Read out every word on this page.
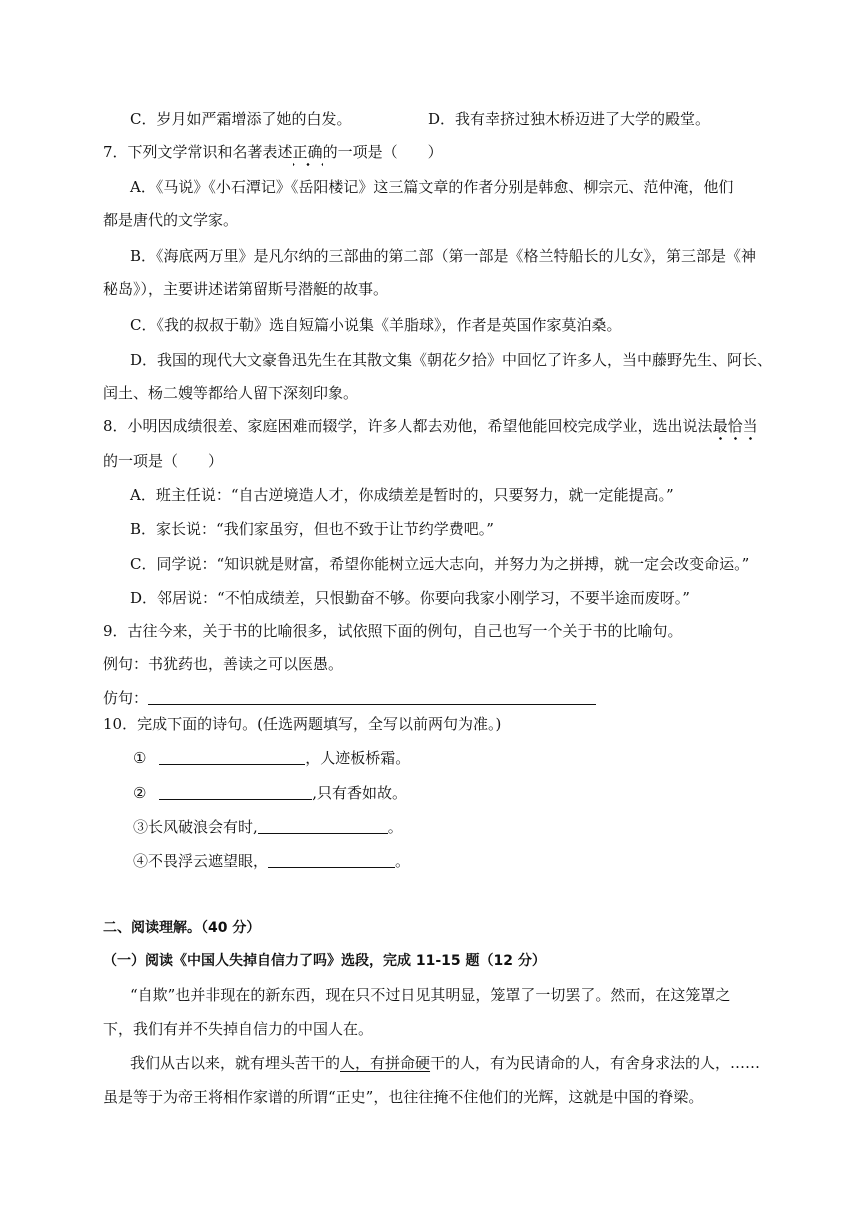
C．岁月如严霜增添了她的白发。	D．我有幸挤过独木桥迈进了大学的殿堂。
7．下列文学常识和名著表述正确的一项是（　　）
A．《马说》《小石潭记》《岳阳楼记》这三篇文章的作者分别是韩愈、柳宗元、范仲淹，他们
都是唐代的文学家。
B．《海底两万里》是凡尔纳的三部曲的第二部（第一部是《格兰特船长的儿女》，第三部是《神
秘岛》），主要讲述诺第留斯号潜艇的故事。
C．《我的叔叔于勒》选自短篇小说集《羊脂球》，作者是英国作家莫泊桑。
D．我国的现代大文豪鲁迅先生在其散文集《朝花夕拾》中回忆了许多人，当中藤野先生、阿长、
闰土、杨二嫂等都给人留下深刻印象。
8．小明因成绩很差、家庭困难而辍学，许多人都去劝他，希望他能回校完成学业，选出说法最恰当
的一项是（　　）
A．班主任说：“自古逆境造人才，你成绩差是暂时的，只要努力，就一定能提高。”
B．家长说：“我们家虽穷，但也不致于让节约学费吧。”
C．同学说：“知识就是财富，希望你能树立远大志向，并努力为之拼搏，就一定会改变命运。”
D．邻居说：“不怕成绩差，只恨勤奋不够。你要向我家小刚学习，不要半途而废呀。”
9．古往今来，关于书的比喻很多，试依照下面的例句，自己也写一个关于书的比喻句。
例句：书犹药也，善读之可以医愚。
仿句：
10．完成下面的诗句。(任选两题填写，全写以前两句为准。)
①	，人迹板桥霜。
②	,只有香如故。
③长风破浪会有时,	。
④不畏浮云遮望眼，	。
二、阅读理解。（40 分）
（一）阅读《中国人失掉自信力了吗》选段，完成 11-15 题（12 分）
“自欺”也并非现在的新东西，现在只不过日见其明显，笼罩了一切罢了。然而，在这笼罩之
下，我们有并不失掉自信力的中国人在。
我们从古以来，就有埋头苦干的人，有拼命硬干的人，有为民请命的人，有舍身求法的人，……
虽是等于为帝王将相作家谱的所谓“正史”，也往往掩不住他们的光辉，这就是中国的脊梁。
